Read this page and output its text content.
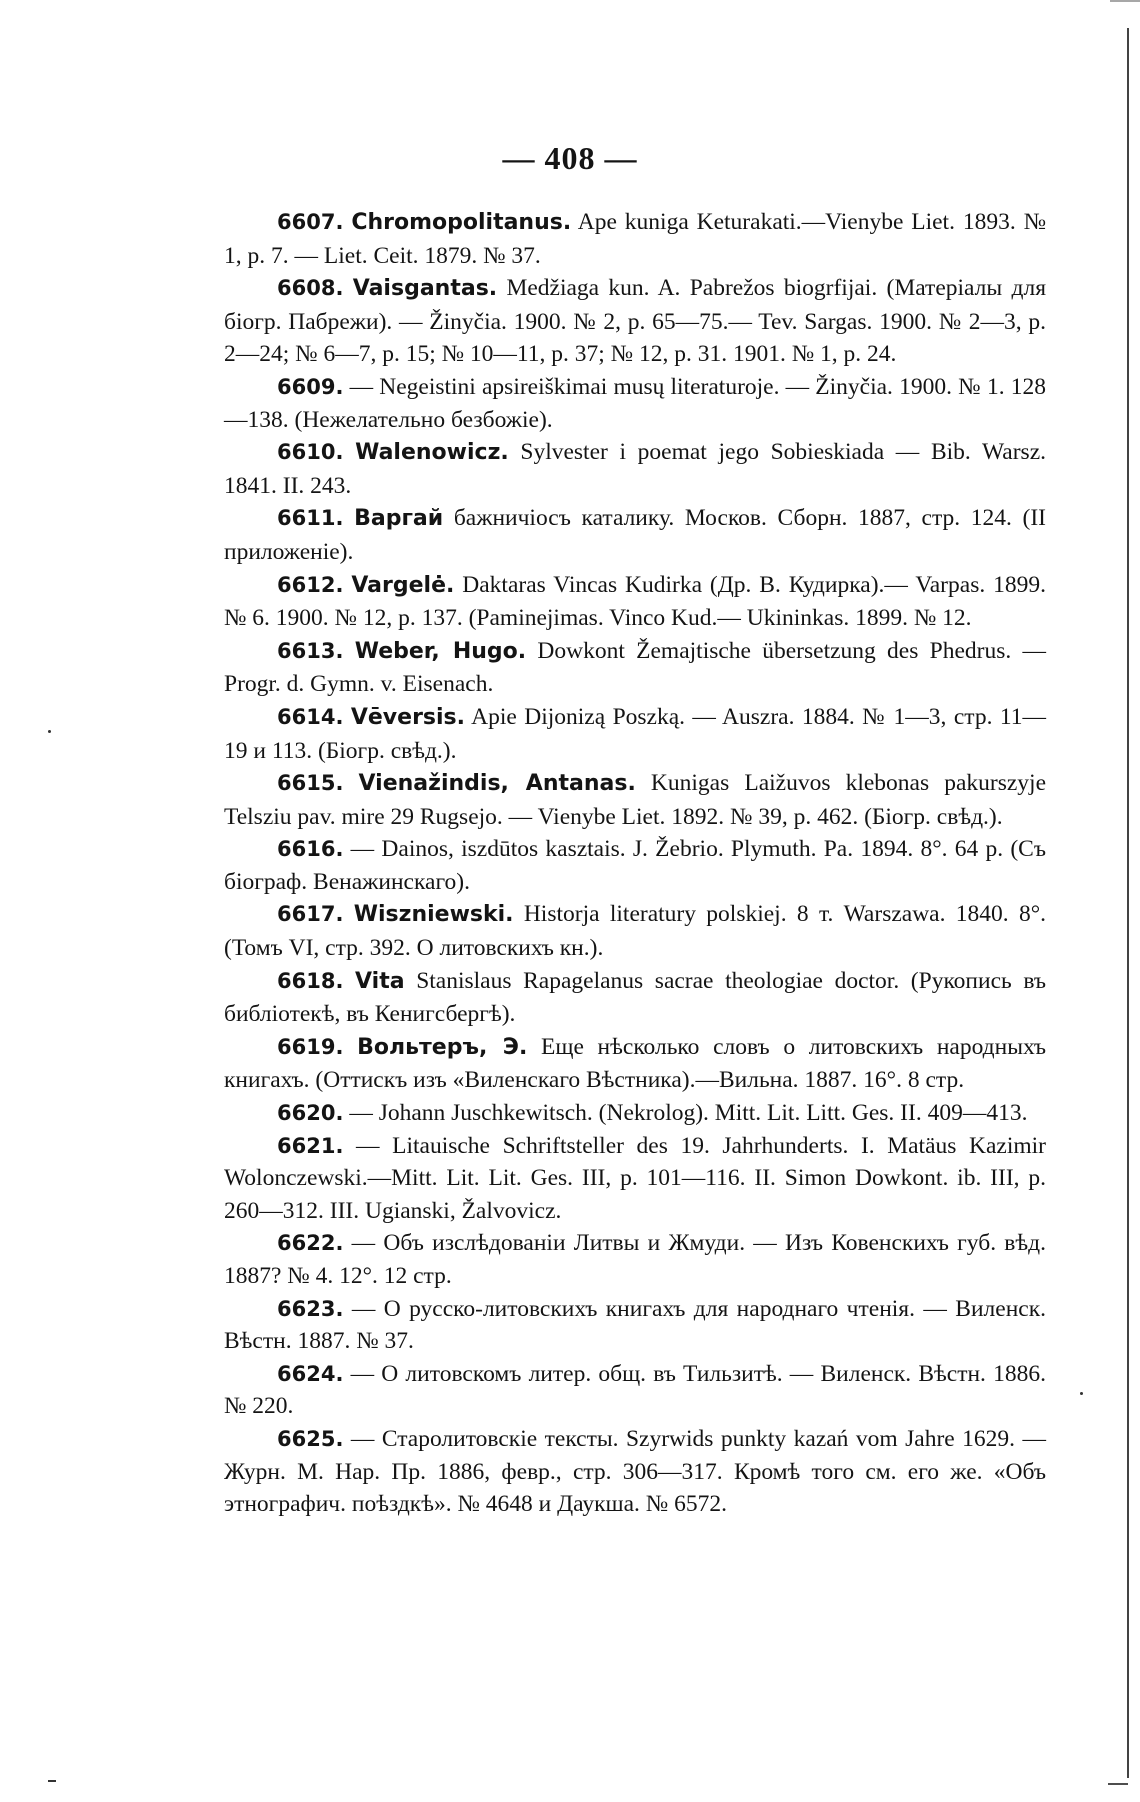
— 408 —

6607. Chromopolitanus. Ape kuniga Keturakati.—Vienybe Liet. 1893. № 1, p. 7. — Liet. Ceit. 1879. № 37.

6608. Vaisgantas. Medžiaga kun. A. Pabrežos biogrfijai. (Матеріалы для біогр. Пабрежи). — Žinyčia. 1900. № 2, p. 65—75.— Tev. Sargas. 1900. № 2—3, p. 2—24; № 6—7, p. 15; № 10—11, p. 37; № 12, p. 31. 1901. № 1, p. 24.

6609. — Negeistini apsireiškimai musų literaturoje. — Žinyčia. 1900. № 1. 128—138. (Нежелательно безбожіе).

6610. Walenowicz. Sylvester i poemat jego Sobieskiada — Bib. Warsz. 1841. II. 243.

6611. Варгай бажничіосъ каталику. Москов. Сборн. 1887, стр. 124. (II приложеніе).

6612. Vargelė. Daktaras Vincas Kudirka (Др. В. Кудирка).— Varpas. 1899. № 6. 1900. № 12, p. 137. (Paminejimas. Vinco Kud.— Ukininkas. 1899. № 12.

6613. Weber, Hugo. Dowkont Žemajtische übersetzung des Phedrus. — Progr. d. Gymn. v. Eisenach.

6614. Vēversis. Apie Dijonizą Poszką. — Auszra. 1884. № 1—3, стр. 11—19 и 113. (Біогр. свѣд.).

6615. Vienažindis, Antanas. Kunigas Laižuvos klebonas pakurszyje Telsziu pav. mire 29 Rugsejo. — Vienybe Liet. 1892. № 39, p. 462. (Біогр. свѣд.).

6616. — Dainos, iszdūtos kasztais. J. Žebrio. Plymuth. Pa. 1894. 8°. 64 p. (Съ біограф. Венажинскаго).

6617. Wiszniewski. Historja literatury polskiej. 8 т. Warszawa. 1840. 8°. (Томъ VI, стр. 392. О литовскихъ кн.).

6618. Vita Stanislaus Rapagelanus sacrae theologiae doctor. (Рукопись въ библіотекѣ, въ Кенигсбергѣ).

6619. Вольтеръ, Э. Еще нѣсколько словъ о литовскихъ народныхъ книгахъ. (Оттискъ изъ «Виленскаго Вѣстника).—Вильна. 1887. 16°. 8 стр.

6620. — Johann Juschkewitsch. (Nekrolog). Mitt. Lit. Litt. Ges. II. 409—413.

6621. — Litauische Schriftsteller des 19. Jahrhunderts. I. Matäus Kazimir Wolonczewski.—Mitt. Lit. Lit. Ges. III, p. 101—116. II. Simon Dowkont. ib. III, p. 260—312. III. Ugianski, Žalvovicz.

6622. — Объ изслѣдованіи Литвы и Жмуди. — Изъ Ковенскихъ губ. вѣд. 1887? № 4. 12°. 12 стр.

6623. — О русско-литовскихъ книгахъ для народнаго чтенія. — Виленск. Вѣстн. 1887. № 37.

6624. — О литовскомъ литер. общ. въ Тильзитѣ. — Виленск. Вѣстн. 1886. № 220.

6625. — Старолитовскіе тексты. Szyrwids punkty kazań vom Jahre 1629. — Журн. М. Нар. Пр. 1886, февр., стр. 306—317. Кромѣ того см. его же. «Объ этнографич. поѣздкѣ». № 4648 и Даукша. № 6572.
